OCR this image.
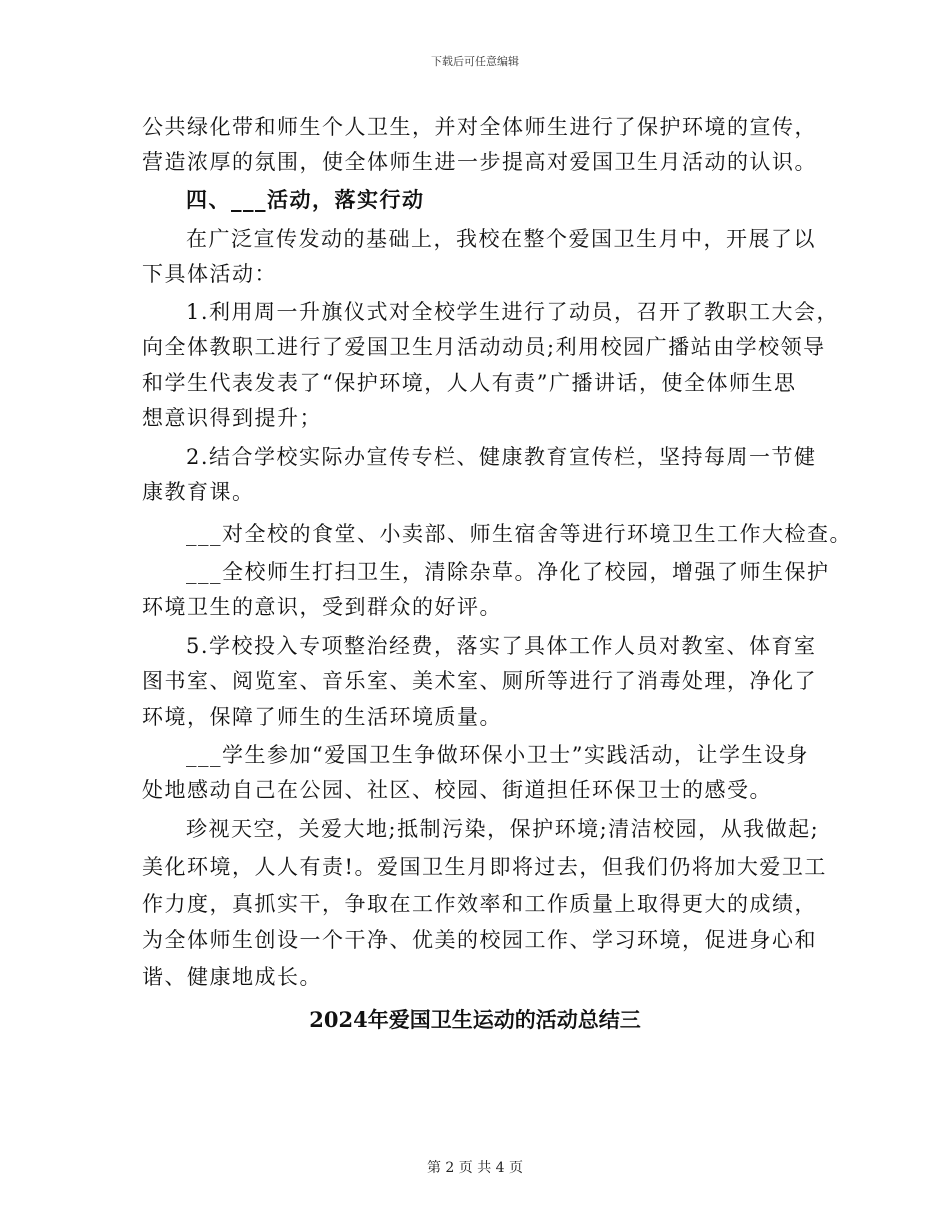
下载后可任意编辑
公共绿化带和师生个人卫生，并对全体师生进行了保护环境的宣传，
营造浓厚的氛围，使全体师生进一步提高对爱国卫生月活动的认识。
四、___活动，落实行动
在广泛宣传发动的基础上，我校在整个爱国卫生月中，开展了以
下具体活动：
1.利用周一升旗仪式对全校学生进行了动员，召开了教职工大会，
向全体教职工进行了爱国卫生月活动动员;利用校园广播站由学校领导
和学生代表发表了“保护环境，人人有责”广播讲话，使全体师生思
想意识得到提升；
2.结合学校实际办宣传专栏、健康教育宣传栏，坚持每周一节健
康教育课。
___对全校的食堂、小卖部、师生宿舍等进行环境卫生工作大检查。
___全校师生打扫卫生，清除杂草。净化了校园，增强了师生保护
环境卫生的意识，受到群众的好评。
5.学校投入专项整治经费，落实了具体工作人员对教室、体育室
图书室、阅览室、音乐室、美术室、厕所等进行了消毒处理，净化了
环境，保障了师生的生活环境质量。
___学生参加“爱国卫生争做环保小卫士”实践活动，让学生设身
处地感动自己在公园、社区、校园、街道担任环保卫士的感受。
珍视天空，关爱大地;抵制污染，保护环境;清洁校园，从我做起;
美化环境，人人有责!。爱国卫生月即将过去，但我们仍将加大爱卫工
作力度，真抓实干，争取在工作效率和工作质量上取得更大的成绩，
为全体师生创设一个干净、优美的校园工作、学习环境，促进身心和
谐、健康地成长。
2024年爱国卫生运动的活动总结三
第 2 页 共 4 页
